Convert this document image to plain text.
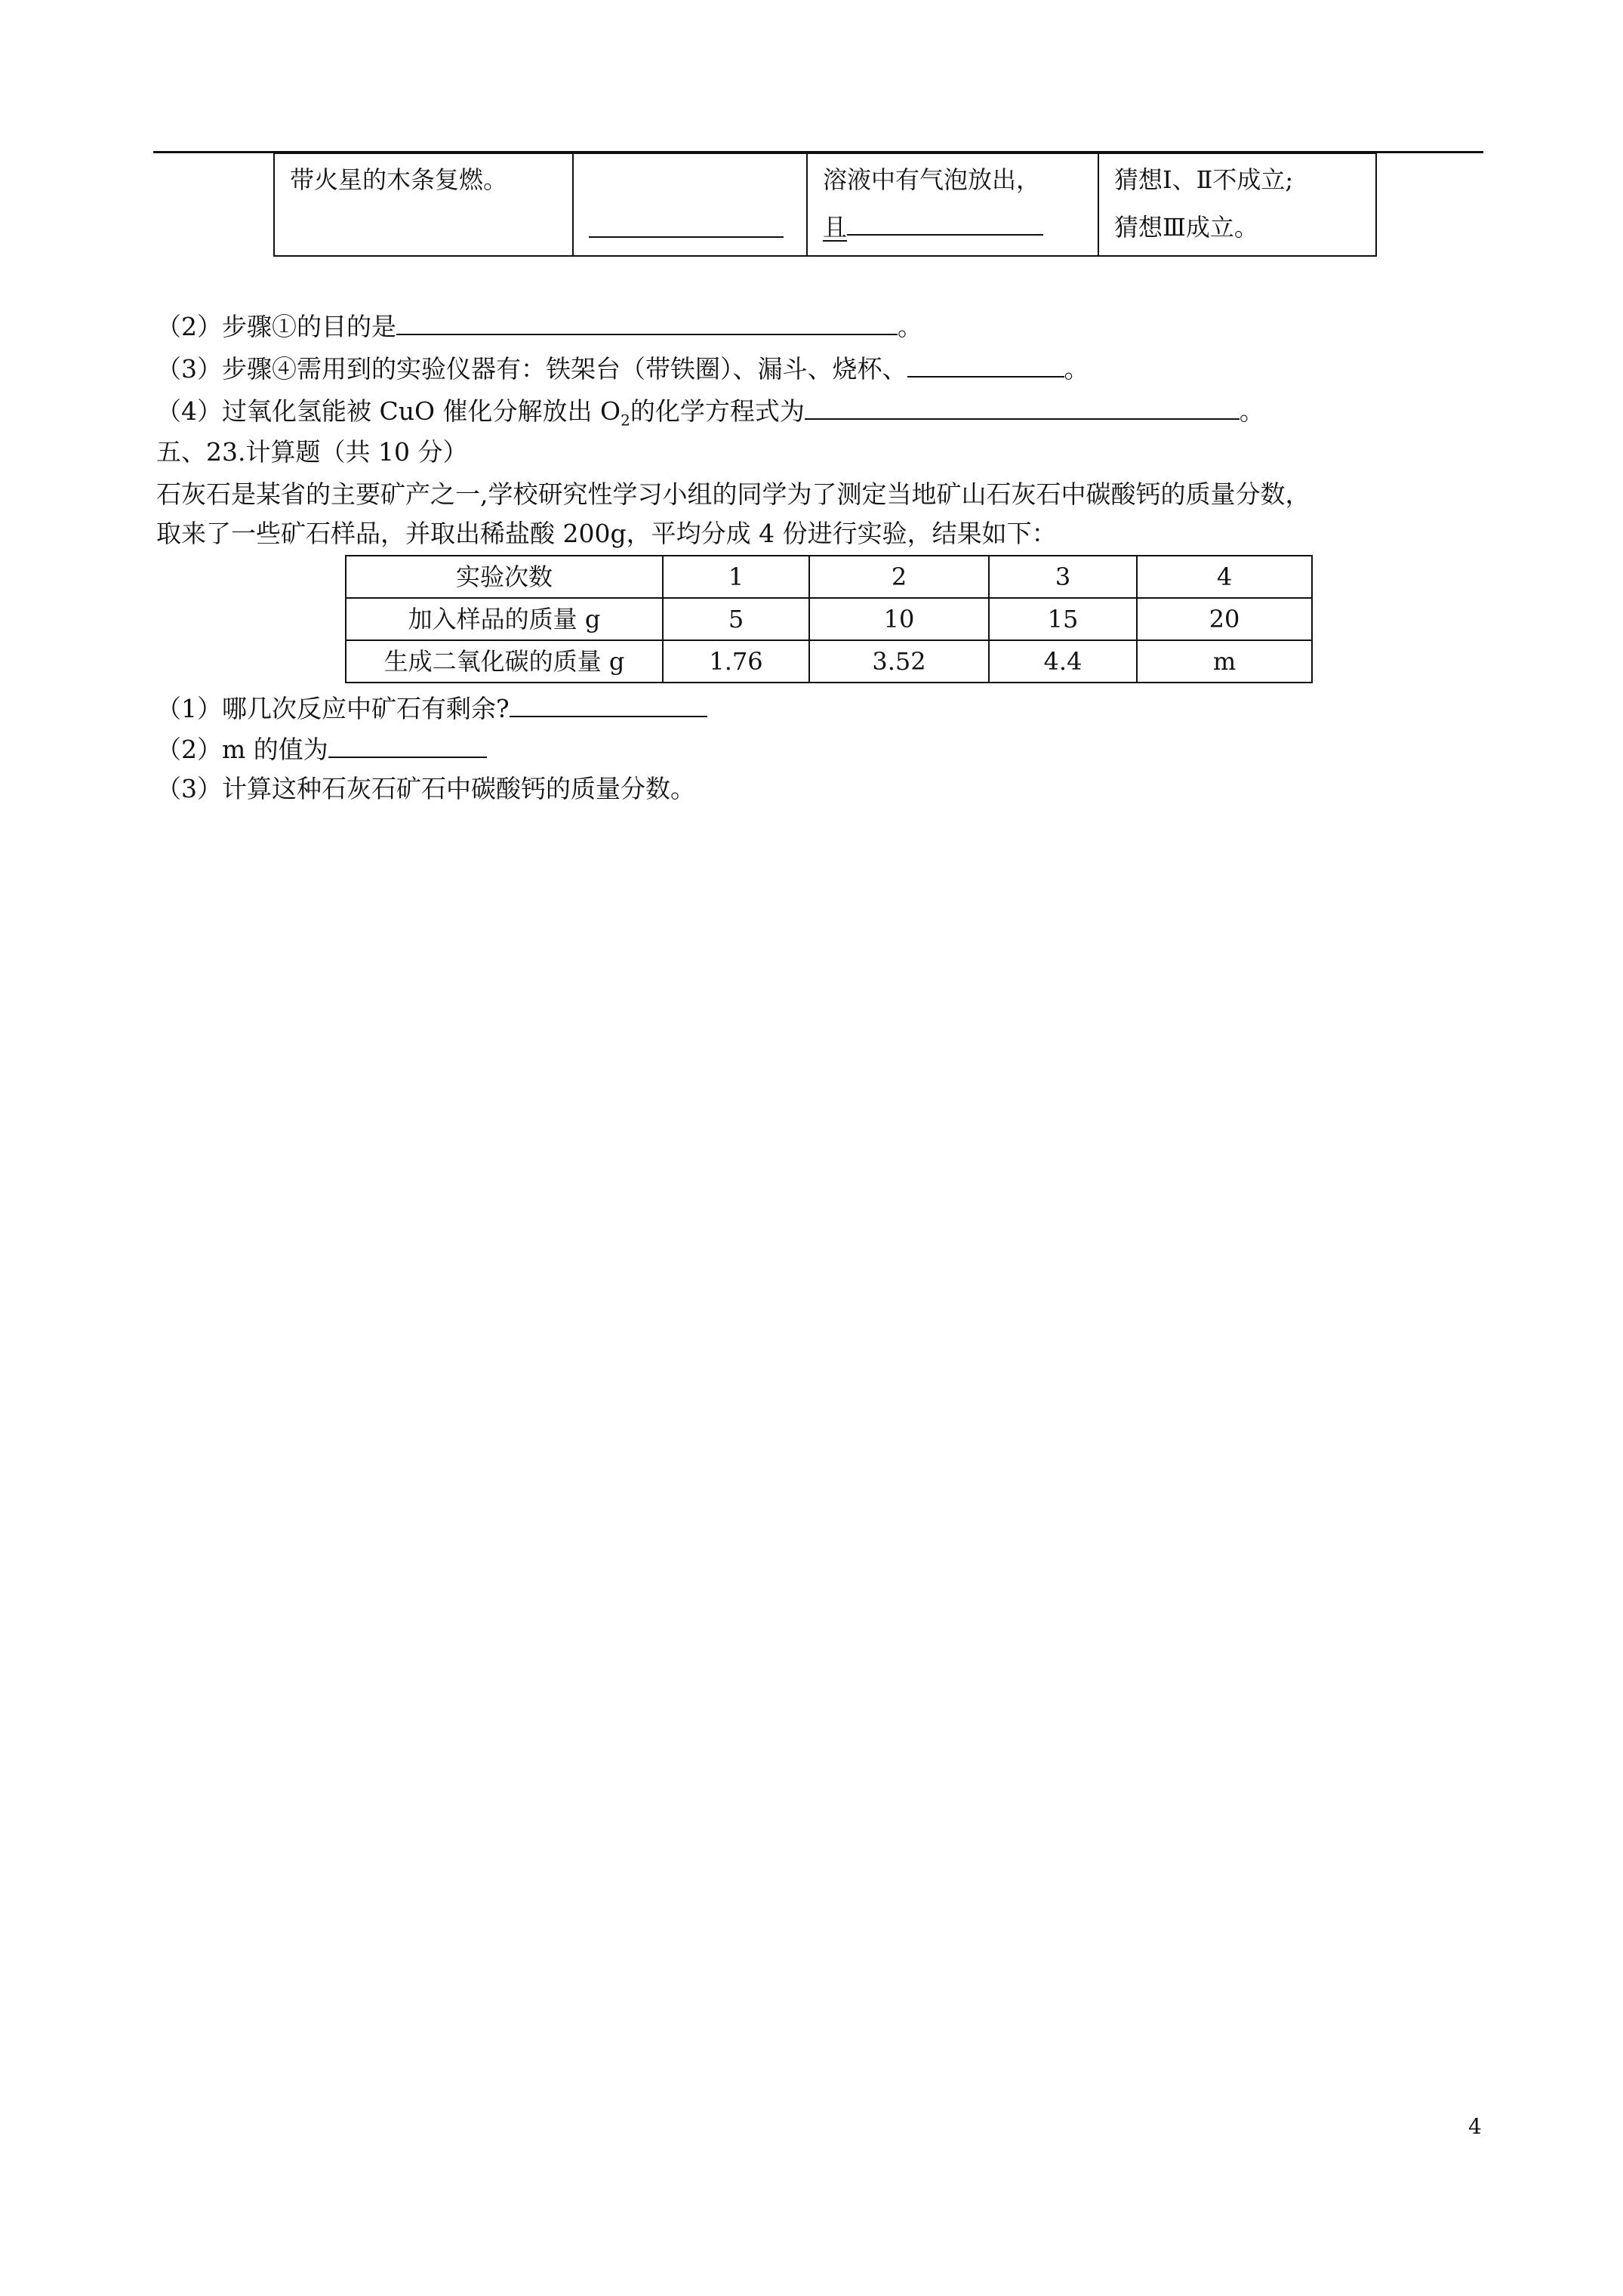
带火星的木条复燃。		溶液中有气泡放出，
且	猜想Ⅰ、Ⅱ不成立;
猜想Ⅲ成立。
（2）步骤①的目的是	。
（3）步骤④需用到的实验仪器有：铁架台（带铁圈）、漏斗、烧杯、	。
（4）过氧化氢能被 CuO 催化分解放出 $O_2$的化学方程式为	。
五、23.计算题（共 10 分）
石灰石是某省的主要矿产之一,学校研究性学习小组的同学为了测定当地矿山石灰石中碳酸钙的质量分数，
取来了一些矿石样品，并取出稀盐酸 200g，平均分成 4 份进行实验，结果如下：
实验次数	1	2	3	4
加入样品的质量 g	5	10	15	20
生成二氧化碳的质量 g	1.76	3.52	4.4	m
（1）哪几次反应中矿石有剩余?
（2）m 的值为
（3）计算这种石灰石矿石中碳酸钙的质量分数。
4
